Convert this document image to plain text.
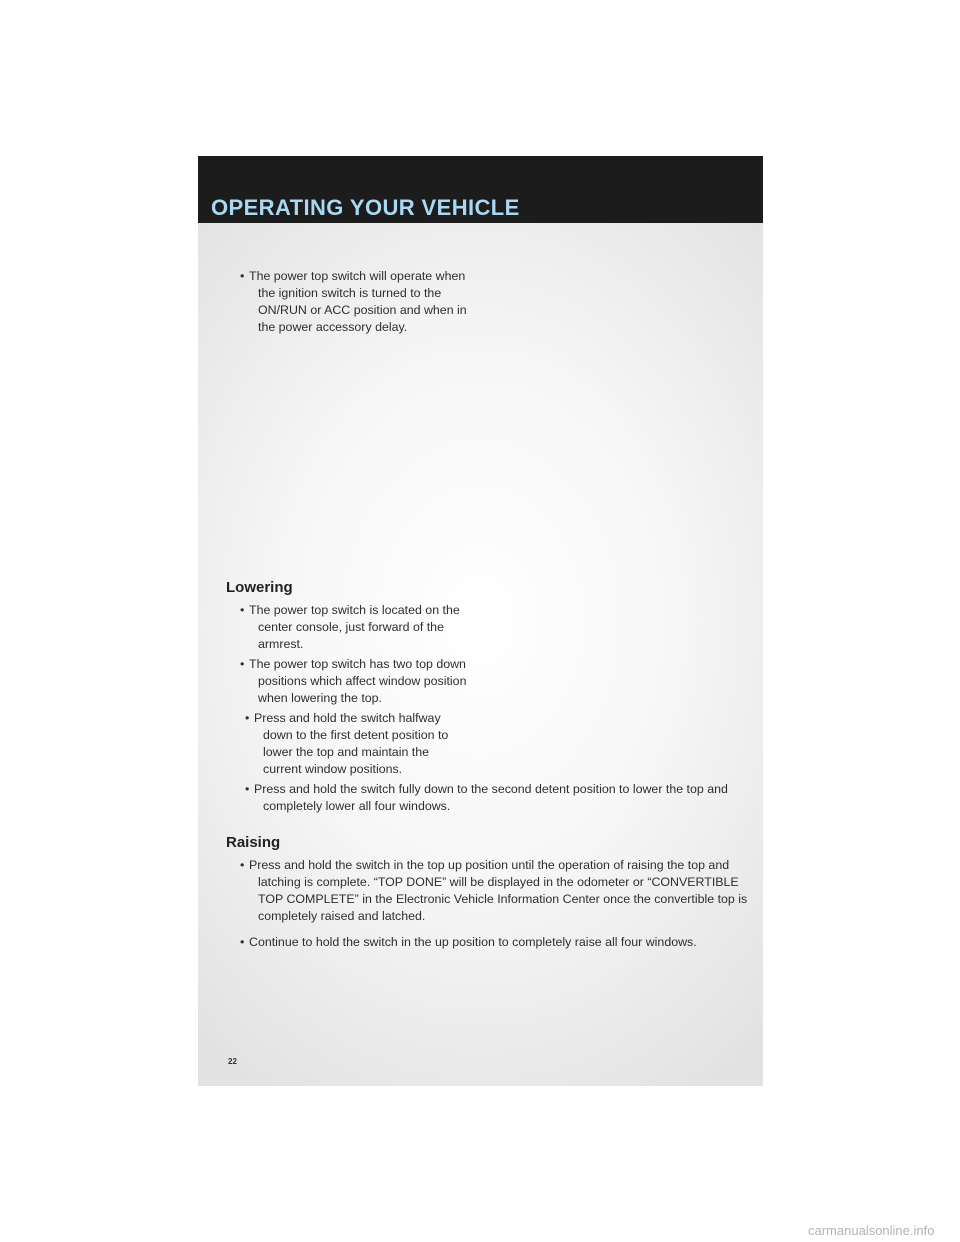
OPERATING YOUR VEHICLE
• The power top switch will operate when the ignition switch is turned to the ON/RUN or ACC position and when in the power accessory delay.
Lowering
• The power top switch is located on the center console, just forward of the armrest.
• The power top switch has two top down positions which affect window position when lowering the top.
• Press and hold the switch halfway down to the first detent position to lower the top and maintain the current window positions.
• Press and hold the switch fully down to the second detent position to lower the top and completely lower all four windows.
Raising
• Press and hold the switch in the top up position until the operation of raising the top and latching is complete. “TOP DONE” will be displayed in the odometer or “CONVERTIBLE TOP COMPLETE” in the Electronic Vehicle Information Center once the convertible top is completely raised and latched.
• Continue to hold the switch in the up position to completely raise all four windows.
22
carmanualsonline.info
